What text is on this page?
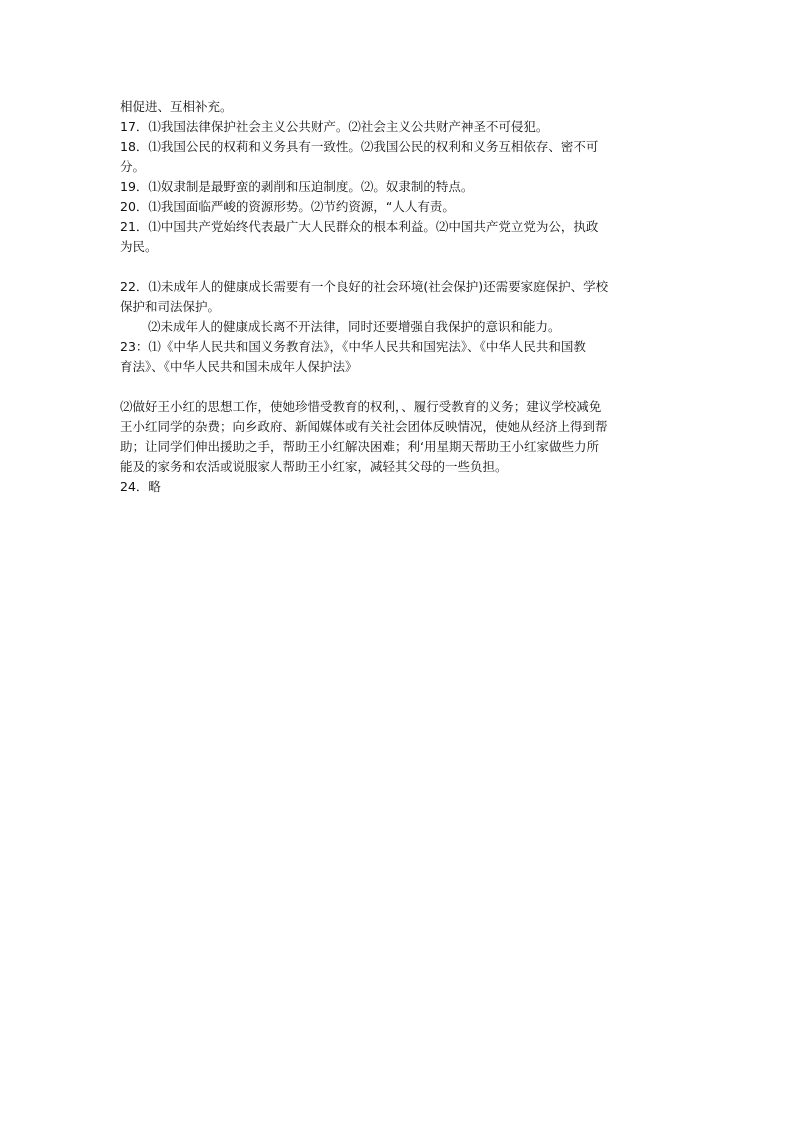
相促进、互相补充。
17．⑴我国法律保护社会主义公共财产。⑵社会主义公共财产神圣不可侵犯。
18．⑴我国公民的权莉和义务具有一致性。⑵我国公民的权利和义务互相依存、密不可
分。
19．⑴奴隶制是最野蛮的剥削和压迫制度。⑵。奴隶制的特点。
20．⑴我国面临严峻的资源形势。⑵节约资源，“人人有责。
21．⑴中国共产党始终代表最广大人民群众的根本利益。⑵中国共产党立党为公，执政
为民。
22．⑴未成年人的健康成长需要有一个良好的社会环境(社会保护)还需要家庭保护、学校
保护和司法保护。
⑵未成年人的健康成长离不开法律，同时还要增强自我保护的意识和能力。
23：⑴《中华人民共和国义务教育法》，《中华人民共和国宪法》、《中华人民共和国教
育法》、《中华人民共和国未成年人保护法》
⑵做好王小红的思想工作，使她珍惜受教育的权利，、履行受教育的义务；建议学校减免
王小红同学的杂费；向乡政府、新闻媒体或有关社会团体反映情况，使她从经济上得到帮
助；让同学们伸出援助之手，帮助王小红解决困难；利‘用星期天帮助王小红家做些力所
能及的家务和农活或说服家人帮助王小红家，减轻其父母的一些负担。
24．略
